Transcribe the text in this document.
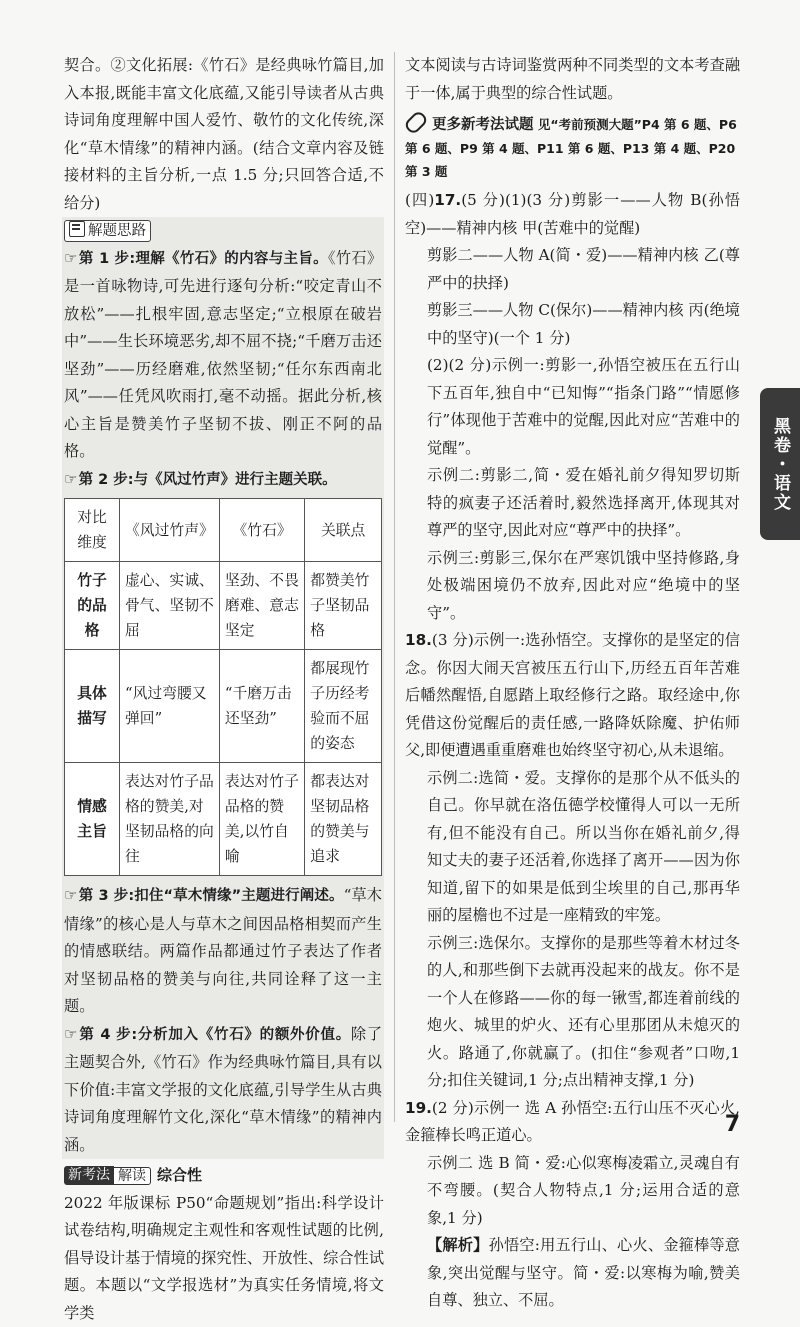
契合。②文化拓展:《竹石》是经典咏竹篇目,加入本报,既能丰富文化底蕴,又能引导读者从古典诗词角度理解中国人爱竹、敬竹的文化传统,深化“草木情缘”的精神内涵。(结合文章内容及链接材料的主旨分析,一点 1.5 分;只回答合适,不给分)

解题思路

☞第 1 步:理解《竹石》的内容与主旨。《竹石》是一首咏物诗,可先进行逐句分析:“咬定青山不放松”——扎根牢固,意志坚定;“立根原在破岩中”——生长环境恶劣,却不屈不挠;“千磨万击还坚劲”——历经磨难,依然坚韧;“任尔东西南北风”——任凭风吹雨打,毫不动摇。据此分析,核心主旨是赞美竹子坚韧不拔、刚正不阿的品格。

☞第 2 步:与《风过竹声》进行主题关联。

对比维度	《风过竹声》	《竹石》	关联点
竹子的品格	虚心、实诚、骨气、坚韧不屈	坚劲、不畏磨难、意志坚定	都赞美竹子坚韧品格
具体描写	“风过弯腰又弹回”	“千磨万击还坚劲”	都展现竹子历经考验而不屈的姿态
情感主旨	表达对竹子品格的赞美,对坚韧品格的向往	表达对竹子品格的赞美,以竹自喻	都表达对坚韧品格的赞美与追求

☞第 3 步:扣住“草木情缘”主题进行阐述。“草木情缘”的核心是人与草木之间因品格相契而产生的情感联结。两篇作品都通过竹子表达了作者对坚韧品格的赞美与向往,共同诠释了这一主题。

☞第 4 步:分析加入《竹石》的额外价值。除了主题契合外,《竹石》作为经典咏竹篇目,具有以下价值:丰富文学报的文化底蕴,引导学生从古典诗词角度理解竹文化,深化“草木情缘”的精神内涵。

新考法 解读 综合性

2022 年版课标 P50“命题规划”指出:科学设计试卷结构,明确规定主观性和客观性试题的比例,倡导设计基于情境的探究性、开放性、综合性试题。本题以“文学报选材”为真实任务情境,将文学类

文本阅读与古诗词鉴赏两种不同类型的文本考查融于一体,属于典型的综合性试题。

更多新考法试题 见“考前预测大题”P4 第 6 题、P6 第 6 题、P9 第 4 题、P11 第 6 题、P13 第 4 题、P20 第 3 题

(四)17.(5 分)(1)(3 分)剪影一——人物 B(孙悟空)——精神内核 甲(苦难中的觉醒)

剪影二——人物 A(简・爱)——精神内核 乙(尊严中的抉择)

剪影三——人物 C(保尔)——精神内核 丙(绝境中的坚守)(一个 1 分)

(2)(2 分)示例一:剪影一,孙悟空被压在五行山下五百年,独自中“已知悔”“指条门路”“情愿修行”体现他于苦难中的觉醒,因此对应“苦难中的觉醒”。

示例二:剪影二,简・爱在婚礼前夕得知罗切斯特的疯妻子还活着时,毅然选择离开,体现其对尊严的坚守,因此对应“尊严中的抉择”。

示例三:剪影三,保尔在严寒饥饿中坚持修路,身处极端困境仍不放弃,因此对应“绝境中的坚守”。

18.(3 分)示例一:选孙悟空。支撑你的是坚定的信念。你因大闹天宫被压五行山下,历经五百年苦难后幡然醒悟,自愿踏上取经修行之路。取经途中,你凭借这份觉醒后的责任感,一路降妖除魔、护佑师父,即便遭遇重重磨难也始终坚守初心,从未退缩。

示例二:选简・爱。支撑你的是那个从不低头的自己。你早就在洛伍德学校懂得人可以一无所有,但不能没有自己。所以当你在婚礼前夕,得知丈夫的妻子还活着,你选择了离开——因为你知道,留下的如果是低到尘埃里的自己,那再华丽的屋檐也不过是一座精致的牢笼。

示例三:选保尔。支撑你的是那些等着木材过冬的人,和那些倒下去就再没起来的战友。你不是一个人在修路——你的每一锹雪,都连着前线的炮火、城里的炉火、还有心里那团从未熄灭的火。路通了,你就赢了。(扣住“参观者”口吻,1 分;扣住关键词,1 分;点出精神支撑,1 分)

19.(2 分)示例一 选 A 孙悟空:五行山压不灭心火,金箍棒长鸣正道心。

示例二 选 B 简・爱:心似寒梅凌霜立,灵魂自有不弯腰。(契合人物特点,1 分;运用合适的意象,1 分)

【解析】孙悟空:用五行山、心火、金箍棒等意象,突出觉醒与坚守。简・爱:以寒梅为喻,赞美自尊、独立、不屈。

黑卷・语文
7
